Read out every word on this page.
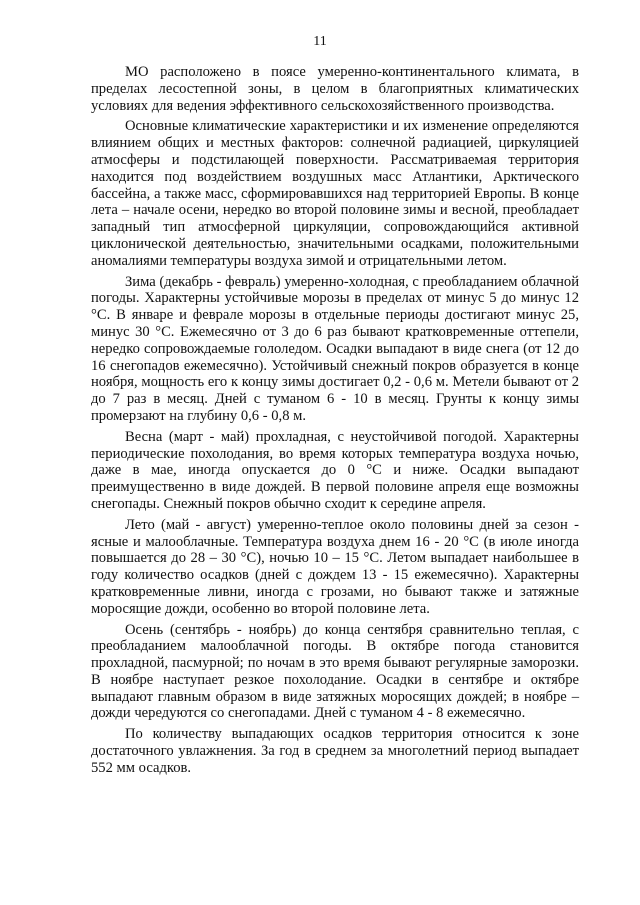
11

МО расположено в поясе умеренно-континентального климата, в пределах лесостепной зоны, в целом в благоприятных климатических условиях для ведения эффективного сельскохозяйственного производства.

Основные климатические характеристики и их изменение определяются влиянием общих и местных факторов: солнечной радиацией, циркуляцией атмосферы и подстилающей поверхности. Рассматриваемая территория находится под воздействием воздушных масс Атлантики, Арктического бассейна, а также масс, сформировавшихся над территорией Европы. В конце лета – начале осени, нередко во второй половине зимы и весной, преобладает западный тип атмосферной циркуляции, сопровождающийся активной циклонической деятельностью, значительными осадками, положительными аномалиями температуры воздуха зимой и отрицательными летом.

Зима (декабрь - февраль) умеренно-холодная, с преобладанием облачной погоды. Характерны устойчивые морозы в пределах от минус 5 до минус 12 °С. В январе и феврале морозы в отдельные периоды достигают минус 25, минус 30 °С. Ежемесячно от 3 до 6 раз бывают кратковременные оттепели, нередко сопровождаемые гололедом. Осадки выпадают в виде снега (от 12 до 16 снегопадов ежемесячно). Устойчивый снежный покров образуется в конце ноября, мощность его к концу зимы достигает 0,2 - 0,6 м. Метели бывают от 2 до 7 раз в месяц. Дней с туманом 6 - 10 в месяц. Грунты к концу зимы промерзают на глубину 0,6 - 0,8 м.

Весна (март - май) прохладная, с неустойчивой погодой. Характерны периодические похолодания, во время которых температура воздуха ночью, даже в мае, иногда опускается до 0 °С и ниже. Осадки выпадают преимущественно в виде дождей. В первой половине апреля еще возможны снегопады. Снежный покров обычно сходит к середине апреля.

Лето (май - август) умеренно-теплое около половины дней за сезон - ясные и малооблачные. Температура воздуха днем 16 - 20 °С (в июле иногда повышается до 28 – 30 °С), ночью 10 – 15 °С. Летом выпадает наибольшее в году количество осадков (дней с дождем 13 - 15 ежемесячно). Характерны кратковременные ливни, иногда с грозами, но бывают также и затяжные моросящие дожди, особенно во второй половине лета.

Осень (сентябрь - ноябрь) до конца сентября сравнительно теплая, с преобладанием малооблачной погоды. В октябре погода становится прохладной, пасмурной; по ночам в это время бывают регулярные заморозки. В ноябре наступает резкое похолодание. Осадки в сентябре и октябре выпадают главным образом в виде затяжных моросящих дождей; в ноябре – дожди чередуются со снегопадами. Дней с туманом 4 - 8 ежемесячно.

По количеству выпадающих осадков территория относится к зоне достаточного увлажнения. За год в среднем за многолетний период выпадает 552 мм осадков.
